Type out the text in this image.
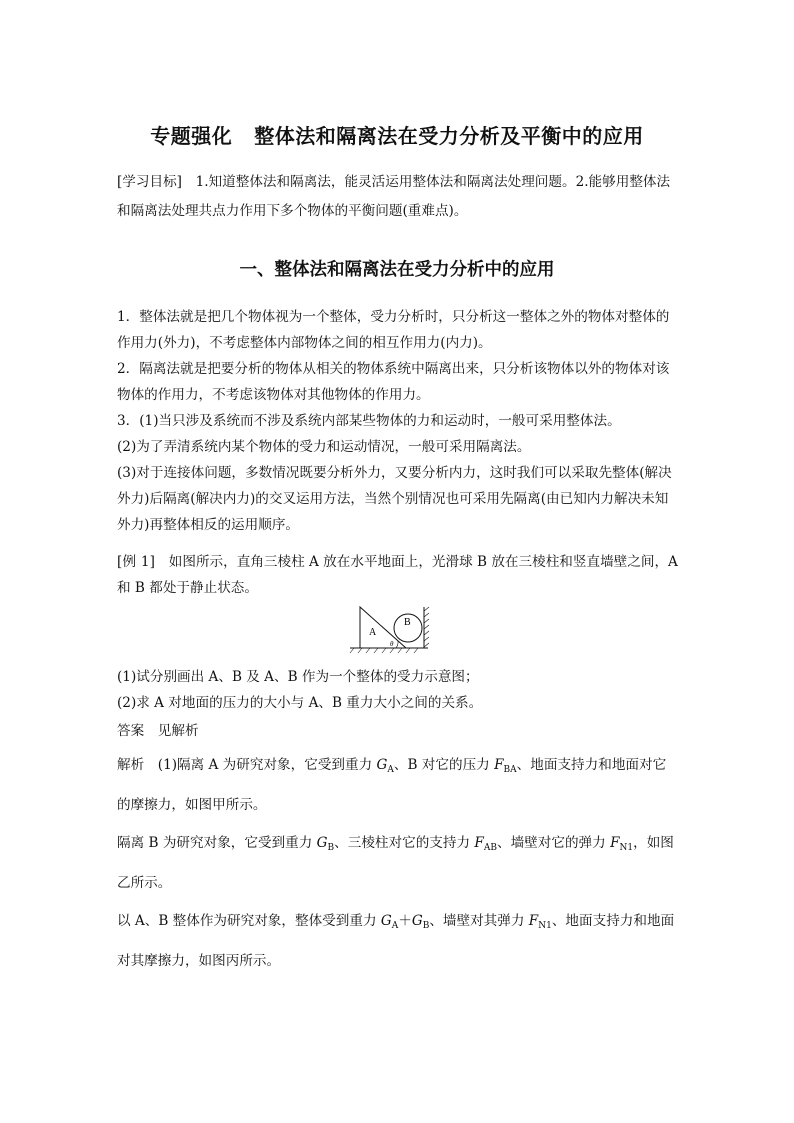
专题强化 整体法和隔离法在受力分析及平衡中的应用
[学习目标]　1.知道整体法和隔离法，能灵活运用整体法和隔离法处理问题。2.能够用整体法
和隔离法处理共点力作用下多个物体的平衡问题(重难点)。
一、整体法和隔离法在受力分析中的应用
1．整体法就是把几个物体视为一个整体，受力分析时，只分析这一整体之外的物体对整体的
作用力(外力)，不考虑整体内部物体之间的相互作用力(内力)。
2．隔离法就是把要分析的物体从相关的物体系统中隔离出来，只分析该物体以外的物体对该
物体的作用力，不考虑该物体对其他物体的作用力。
3．(1)当只涉及系统而不涉及系统内部某些物体的力和运动时，一般可采用整体法。
(2)为了弄清系统内某个物体的受力和运动情况，一般可采用隔离法。
(3)对于连接体问题，多数情况既要分析外力，又要分析内力，这时我们可以采取先整体(解决
外力)后隔离(解决内力)的交叉运用方法，当然个别情况也可采用先隔离(由已知内力解决未知
外力)再整体相反的运用顺序。
[例 1]　如图所示，直角三棱柱 A 放在水平地面上，光滑球 B 放在三棱柱和竖直墙壁之间，A
和 B 都处于静止状态。
A
B
θ
(1)试分别画出 A、B 及 A、B 作为一个整体的受力示意图；
(2)求 A 对地面的压力的大小与 A、B 重力大小之间的关系。
答案　 见解析
解析　(1)隔离 A 为研究对象，它受到重力 $G_A$、B 对它的压力 $F_{BA}$、地面支持力和地面对它
的摩擦力，如图甲所示。
隔离 B 为研究对象，它受到重力 $G_B$、三棱柱对它的支持力 $F_{AB}$、墙壁对它的弹力 $F_{N1}$，如图
乙所示。
以 A、B 整体作为研究对象，整体受到重力 $G_A+G_B$、墙壁对其弹力 $F_{N1}$、地面支持力和地面
对其摩擦力，如图丙所示。
